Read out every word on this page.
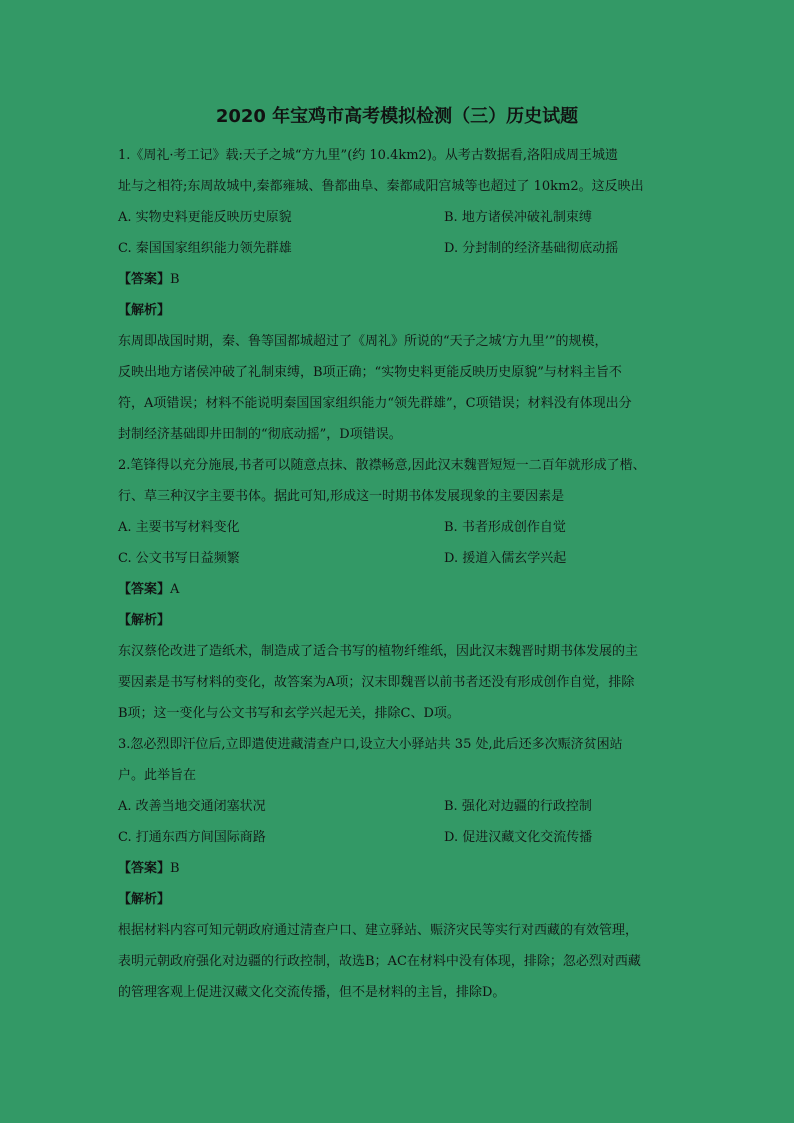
2020 年宝鸡市高考模拟检测（三）历史试题
1.《周礼·考工记》载:天子之城“方九里”(约 10.4km2)。从考古数据看,洛阳成周王城遗
址与之相符;东周故城中,秦都雍城、鲁都曲阜、秦都咸阳宫城等也超过了 10km2。这反映出
A. 实物史料更能反映历史原貌	B. 地方诸侯冲破礼制束缚
C. 秦国国家组织能力领先群雄	D. 分封制的经济基础彻底动摇
【答案】B
【解析】
东周即战国时期，秦、鲁等国都城超过了《周礼》所说的“天子之城‘方九里’”的规模，
反映出地方诸侯冲破了礼制束缚，B项正确；“实物史料更能反映历史原貌”与材料主旨不
符，A项错误；材料不能说明秦国国家组织能力“领先群雄”，C项错误；材料没有体现出分
封制经济基础即井田制的“彻底动摇”，D项错误。
2.笔锋得以充分施展,书者可以随意点抹、散襟畅意,因此汉末魏晋短短一二百年就形成了楷、
行、草三种汉字主要书体。据此可知,形成这一时期书体发展现象的主要因素是
A. 主要书写材料变化	B. 书者形成创作自觉
C. 公文书写日益频繁	D. 援道入儒玄学兴起
【答案】A
【解析】
东汉蔡伦改进了造纸术，制造成了适合书写的植物纤维纸，因此汉末魏晋时期书体发展的主
要因素是书写材料的变化，故答案为A项；汉末即魏晋以前书者还没有形成创作自觉，排除
B项；这一变化与公文书写和玄学兴起无关，排除C、D项。
3.忽必烈即汗位后,立即遣使进藏清查户口,设立大小驿站共 35 处,此后还多次赈济贫困站
户。此举旨在
A. 改善当地交通闭塞状况	B. 强化对边疆的行政控制
C. 打通东西方间国际商路	D. 促进汉藏文化交流传播
【答案】B
【解析】
根据材料内容可知元朝政府通过清查户口、建立驿站、赈济灾民等实行对西藏的有效管理，
表明元朝政府强化对边疆的行政控制，故选B；AC在材料中没有体现，排除；忽必烈对西藏
的管理客观上促进汉藏文化交流传播，但不是材料的主旨，排除D。
